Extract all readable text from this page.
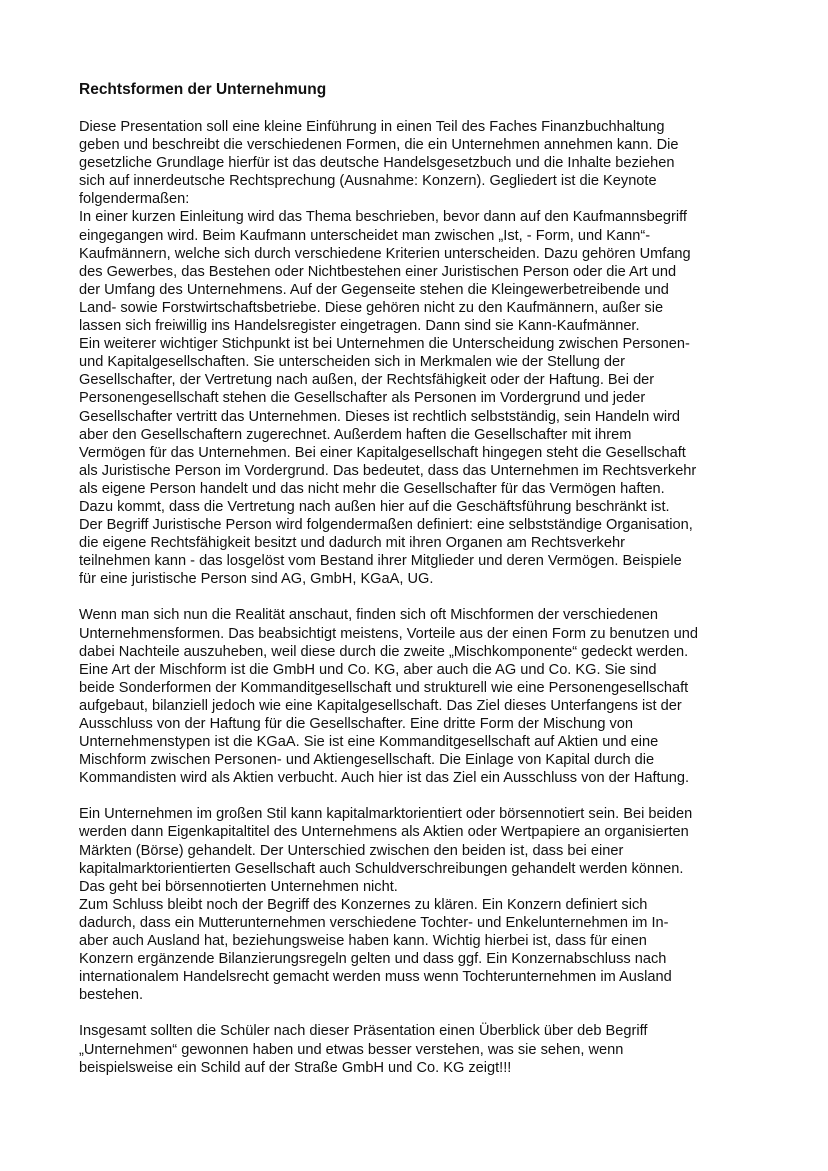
Rechtsformen der Unternehmung

Diese Presentation soll eine kleine Einführung in einen Teil des Faches Finanzbuchhaltung
geben und beschreibt die verschiedenen Formen, die ein Unternehmen annehmen kann. Die
gesetzliche Grundlage hierfür ist das deutsche Handelsgesetzbuch und die Inhalte beziehen
sich auf innerdeutsche Rechtsprechung (Ausnahme: Konzern). Gegliedert ist die Keynote
folgendermaßen:
In einer kurzen Einleitung wird das Thema beschrieben, bevor dann auf den Kaufmannsbegriff
eingegangen wird. Beim Kaufmann unterscheidet man zwischen „Ist, - Form, und Kann“-
Kaufmännern, welche sich durch verschiedene Kriterien unterscheiden. Dazu gehören Umfang
des Gewerbes, das Bestehen oder Nichtbestehen einer Juristischen Person oder die Art und
der Umfang des Unternehmens. Auf der Gegenseite stehen die Kleingewerbetreibende und
Land- sowie Forstwirtschaftsbetriebe. Diese gehören nicht zu den Kaufmännern, außer sie
lassen sich freiwillig ins Handelsregister eingetragen. Dann sind sie Kann-Kaufmänner.
Ein weiterer wichtiger Stichpunkt ist bei Unternehmen die Unterscheidung zwischen Personen-
und Kapitalgesellschaften. Sie unterscheiden sich in Merkmalen wie der Stellung der
Gesellschafter, der Vertretung nach außen, der Rechtsfähigkeit oder der Haftung. Bei der
Personengesellschaft stehen die Gesellschafter als Personen im Vordergrund und jeder
Gesellschafter vertritt das Unternehmen. Dieses ist rechtlich selbstständig, sein Handeln wird
aber den Gesellschaftern zugerechnet. Außerdem haften die Gesellschafter mit ihrem
Vermögen für das Unternehmen. Bei einer Kapitalgesellschaft hingegen steht die Gesellschaft
als Juristische Person im Vordergrund. Das bedeutet, dass das Unternehmen im Rechtsverkehr
als eigene Person handelt und das nicht mehr die Gesellschafter für das Vermögen haften.
Dazu kommt, dass die Vertretung nach außen hier auf die Geschäftsführung beschränkt ist.
Der Begriff Juristische Person wird folgendermaßen definiert: eine selbstständige Organisation,
die eigene Rechtsfähigkeit besitzt und dadurch mit ihren Organen am Rechtsverkehr
teilnehmen kann - das losgelöst vom Bestand ihrer Mitglieder und deren Vermögen. Beispiele
für eine juristische Person sind AG, GmbH, KGaA, UG.

Wenn man sich nun die Realität anschaut, finden sich oft Mischformen der verschiedenen
Unternehmensformen. Das beabsichtigt meistens, Vorteile aus der einen Form zu benutzen und
dabei Nachteile auszuheben, weil diese durch die zweite „Mischkomponente“ gedeckt werden.
Eine Art der Mischform ist die GmbH und Co. KG, aber auch die AG und Co. KG. Sie sind
beide Sonderformen der Kommanditgesellschaft und strukturell wie eine Personengesellschaft
aufgebaut, bilanziell jedoch wie eine Kapitalgesellschaft. Das Ziel dieses Unterfangens ist der
Ausschluss von der Haftung für die Gesellschafter. Eine dritte Form der Mischung von
Unternehmenstypen ist die KGaA. Sie ist eine Kommanditgesellschaft auf Aktien und eine
Mischform zwischen Personen- und Aktiengesellschaft. Die Einlage von Kapital durch die
Kommandisten wird als Aktien verbucht. Auch hier ist das Ziel ein Ausschluss von der Haftung.

Ein Unternehmen im großen Stil kann kapitalmarktorientiert oder börsennotiert sein. Bei beiden
werden dann Eigenkapitaltitel des Unternehmens als Aktien oder Wertpapiere an organisierten
Märkten (Börse) gehandelt. Der Unterschied zwischen den beiden ist, dass bei einer
kapitalmarktorientierten Gesellschaft auch Schuldverschreibungen gehandelt werden können.
Das geht bei börsennotierten Unternehmen nicht.
Zum Schluss bleibt noch der Begriff des Konzernes zu klären. Ein Konzern definiert sich
dadurch, dass ein Mutterunternehmen verschiedene Tochter- und Enkelunternehmen im In-
aber auch Ausland hat, beziehungsweise haben kann. Wichtig hierbei ist, dass für einen
Konzern ergänzende Bilanzierungsregeln gelten und dass ggf. Ein Konzernabschluss nach
internationalem Handelsrecht gemacht werden muss wenn Tochterunternehmen im Ausland
bestehen.

Insgesamt sollten die Schüler nach dieser Präsentation einen Überblick über deb Begriff
„Unternehmen“ gewonnen haben und etwas besser verstehen, was sie sehen, wenn
beispielsweise ein Schild auf der Straße GmbH und Co. KG zeigt!!!
